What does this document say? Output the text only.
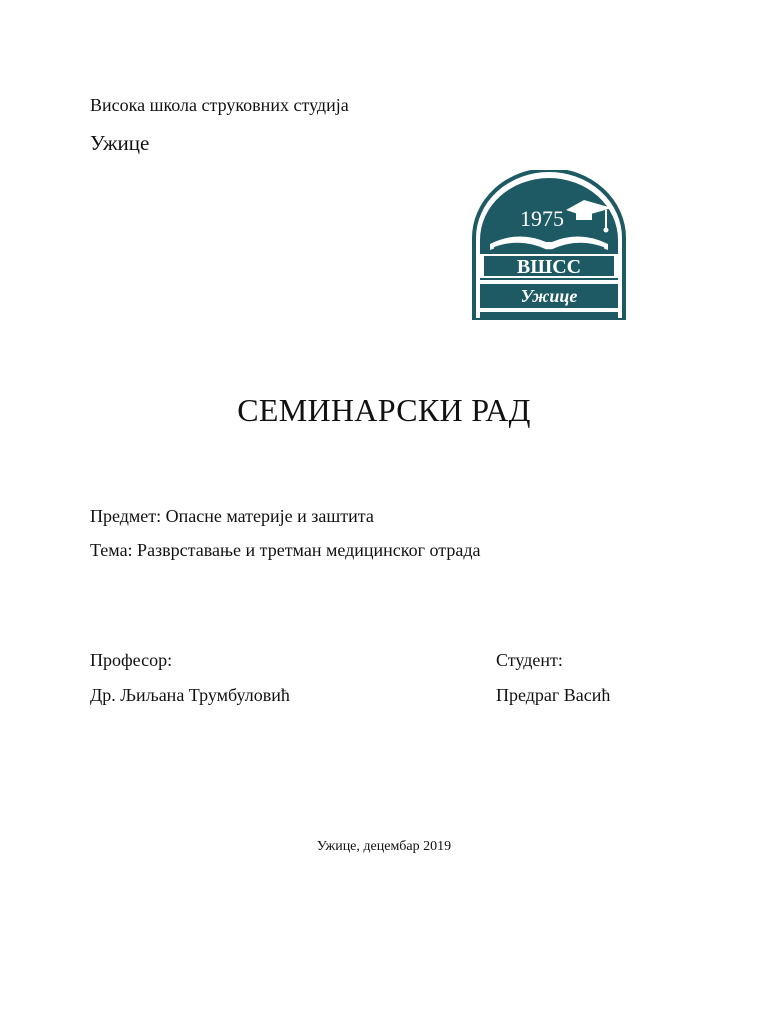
Висока школа струковних студија
Ужице
1975
ВШСС
Ужице
СЕМИНАРСКИ РАД
Предмет: Опасне материје и заштита
Тема: Разврставање и третман медицинског отрада
Професор:
Др. Љиљана Трумбуловић
Студент:
Предраг Васић
Ужице, децембар 2019
